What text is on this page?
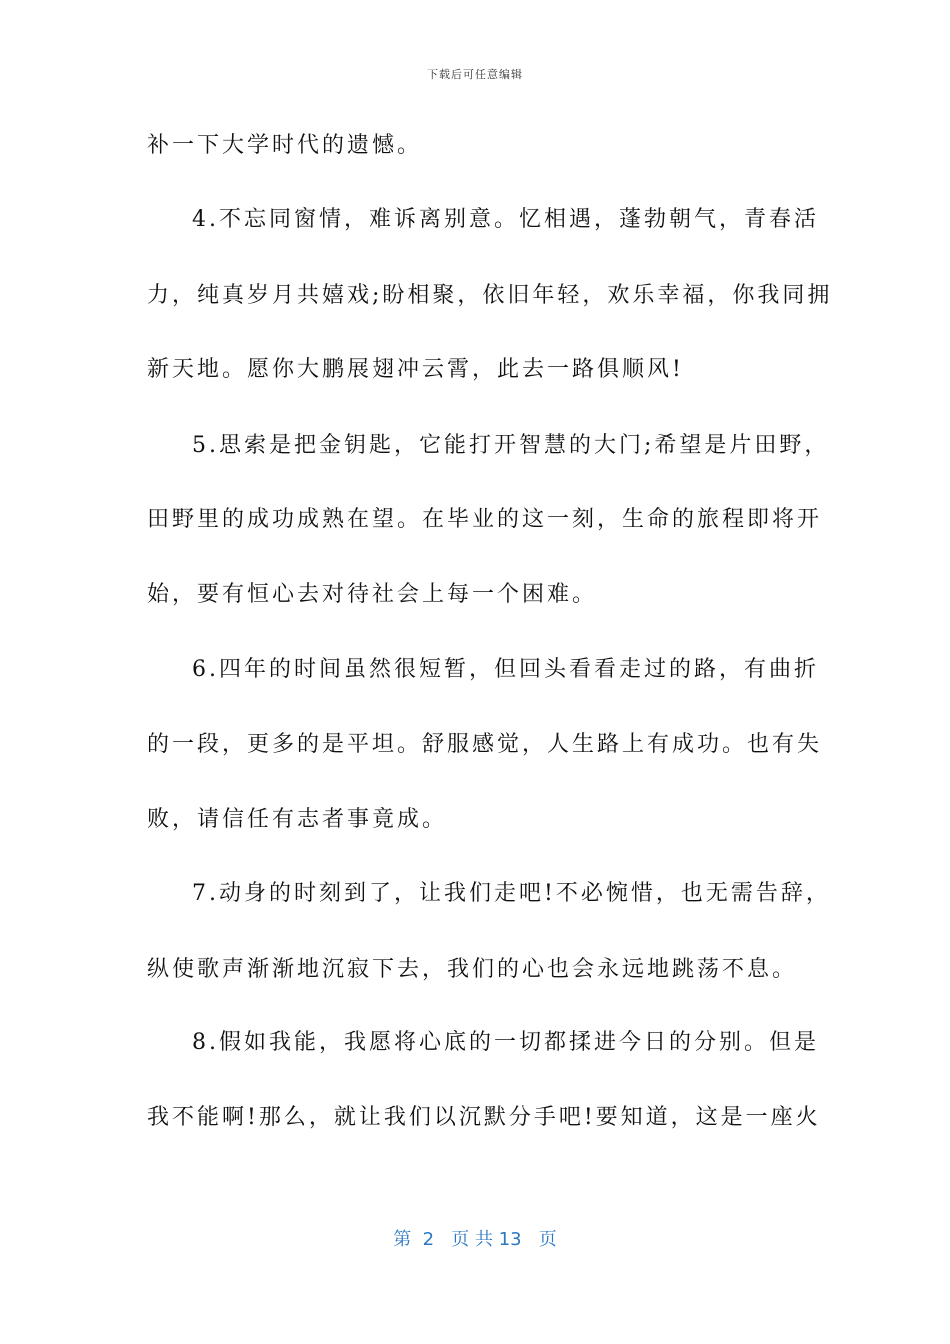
下载后可任意编辑
补一下大学时代的遗憾。
4.不忘同窗情，难诉离别意。忆相遇，蓬勃朝气，青春活
力，纯真岁月共嬉戏;盼相聚，依旧年轻，欢乐幸福，你我同拥
新天地。愿你大鹏展翅冲云霄，此去一路俱顺风!
5.思索是把金钥匙，它能打开智慧的大门;希望是片田野，
田野里的成功成熟在望。在毕业的这一刻，生命的旅程即将开
始，要有恒心去对待社会上每一个困难。
6.四年的时间虽然很短暂，但回头看看走过的路，有曲折
的一段，更多的是平坦。舒服感觉，人生路上有成功。也有失
败，请信任有志者事竟成。
7.动身的时刻到了，让我们走吧!不必惋惜，也无需告辞，
纵使歌声渐渐地沉寂下去，我们的心也会永远地跳荡不息。
8.假如我能，我愿将心底的一切都揉进今日的分别。但是
我不能啊!那么，就让我们以沉默分手吧!要知道，这是一座火
第  2   页 共 13   页
